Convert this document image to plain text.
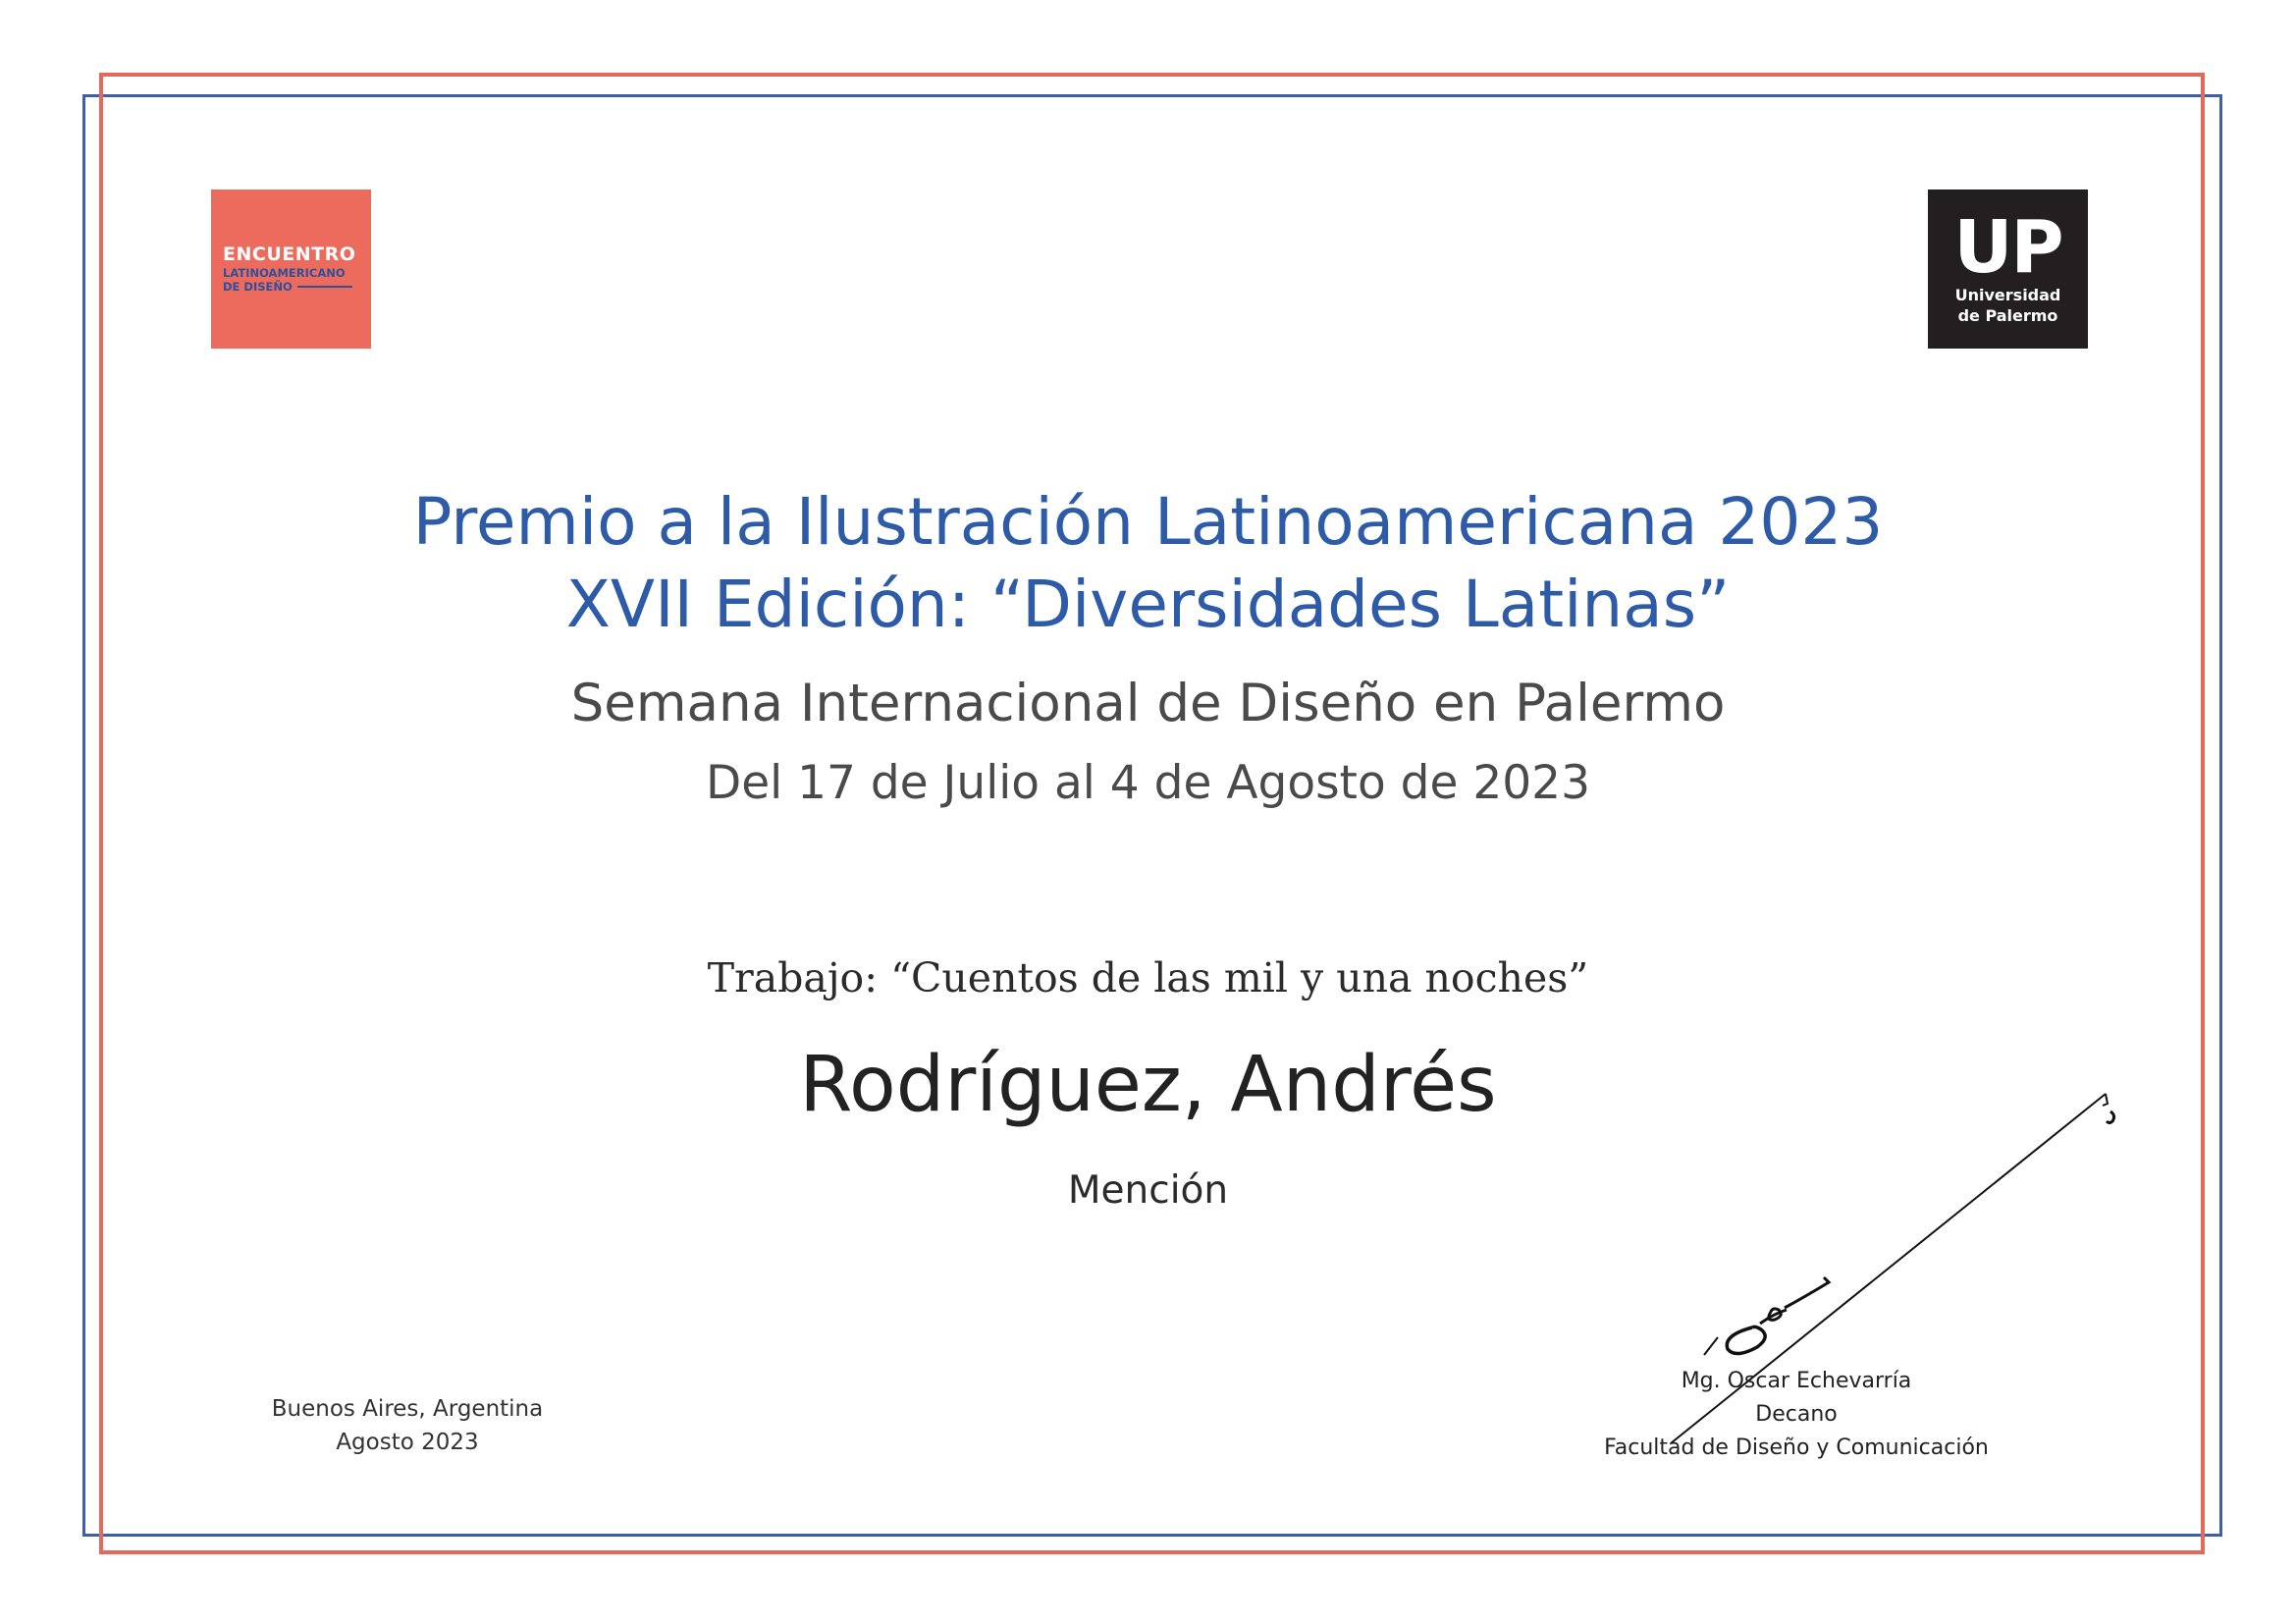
ENCUENTRO
LATINOAMERICANO
DE DISEÑO	UP
Universidad
de Palermo
Premio a la Ilustración Latinoamericana 2023
XVII Edición: “Diversidades Latinas”
Semana Internacional de Diseño en Palermo
Del 17 de Julio al 4 de Agosto de 2023
Trabajo: “Cuentos de las mil y una noches”
Rodríguez, Andrés
Mención
Buenos Aires, Argentina
Agosto 2023
Mg. Oscar Echevarría
Decano
Facultad de Diseño y Comunicación
